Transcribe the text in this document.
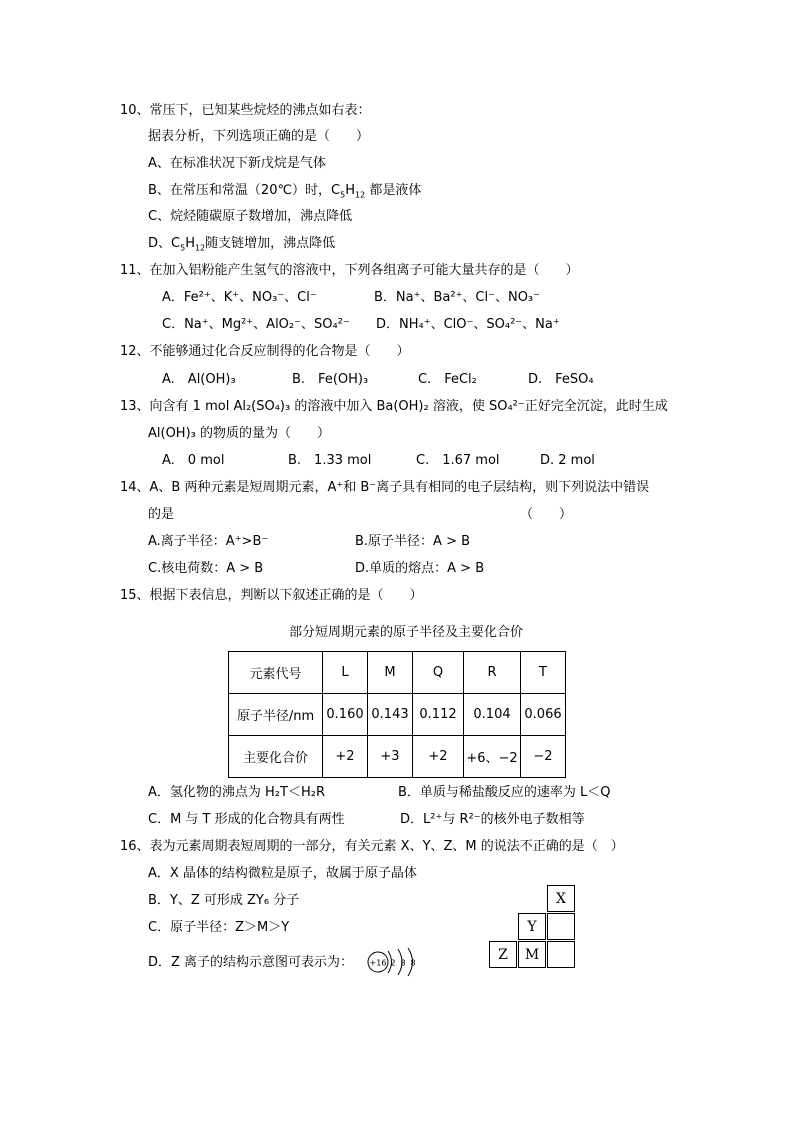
10、常压下，已知某些烷烃的沸点如右表：
据表分析，下列选项正确的是（　　）
A、在标准状况下新戊烷是气体
B、在常压和常温（20℃）时，$C_5H_{12}$ 都是液体
C、烷烃随碳原子数增加，沸点降低
D、$C_5H_{12}$随支链增加，沸点降低
11、在加入铝粉能产生氢气的溶液中，下列各组离子可能大量共存的是（　　）
A．Fe²⁺、K⁺、NO₃⁻、Cl⁻	B．Na⁺、Ba²⁺、Cl⁻、NO₃⁻
C．Na⁺、Mg²⁺、AlO₂⁻、SO₄²⁻ D．NH₄⁺、ClO⁻、SO₄²⁻、Na⁺
12、不能够通过化合反应制得的化合物是（　　）
A.　Al(OH)₃	B.　Fe(OH)₃	C.　FeCl₂	D.　FeSO₄
13、向含有 1 mol Al₂(SO₄)₃ 的溶液中加入 Ba(OH)₂ 溶液，使 SO₄²⁻正好完全沉淀，此时生成
Al(OH)₃ 的物质的量为（　　）
A.　0 mol	B.　1.33 mol	C.　1.67 mol	D. 2 mol
14、A、B 两种元素是短周期元素，A⁺和 B⁻离子具有相同的电子层结构，则下列说法中错误
的是	（　　）
A.离子半径：A⁺>B⁻	B.原子半径：A > B
C.核电荷数：A > B	D.单质的熔点：A > B
15、根据下表信息，判断以下叙述正确的是（　　）
部分短周期元素的原子半径及主要化合价
元素代号	L	M	Q	R	T
原子半径/nm	0.160	0.143	0.112	0.104	0.066
主要化合价	+2	+3	+2	+6、−2	−2
A．氢化物的沸点为 H₂T＜H₂R	B．单质与稀盐酸反应的速率为 L＜Q
C．M 与 T 形成的化合物具有两性	D．L²⁺与 R²⁻的核外电子数相等
16、表为元素周期表短周期的一部分，有关元素 X、Y、Z、M 的说法不正确的是（　）
A．X 晶体的结构微粒是原子，故属于原子晶体
B．Y、Z 可形成 ZY₆ 分子
C．原子半径：Z＞M＞Y
D．Z 离子的结构示意图可表示为： +16 2 8 8
X
Y
Z	M
